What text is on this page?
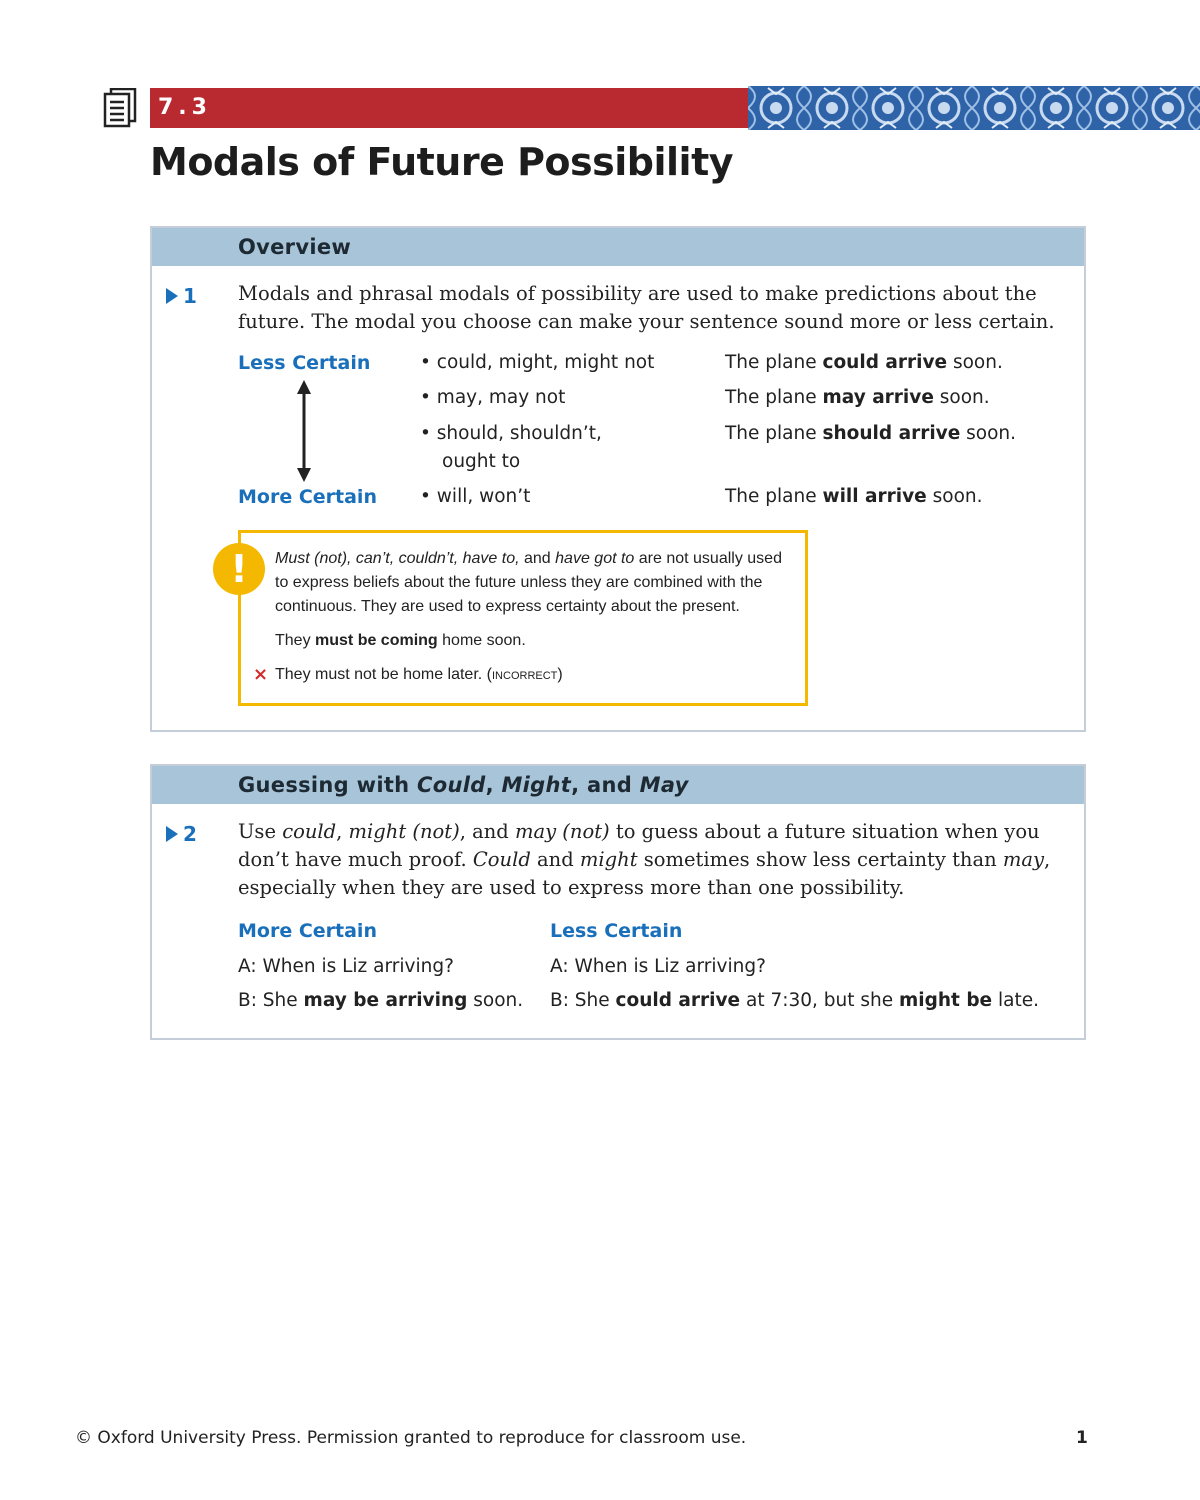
7.3
Modals of Future Possibility
Overview
1 Modals and phrasal modals of possibility are used to make predictions about the future. The modal you choose can make your sentence sound more or less certain.

Less Certain
More Certain
• could, might, might not
• may, may not
• should, shouldn’t,
ought to
• will, won’t
The plane could arrive soon.
The plane may arrive soon.
The plane should arrive soon.
The plane will arrive soon.
!	Must (not), can’t, couldn’t, have to, and have got to are not usually used to express beliefs about the future unless they are combined with the continuous. They are used to express certainty about the present.

They must be coming home soon.

× They must not be home later. (incorrect)

Guessing with Could, Might, and May
2 Use could, might (not), and may (not) to guess about a future situation when you don’t have much proof. Could and might sometimes show less certainty than may, especially when they are used to express more than one possibility.

More Certain
A: When is Liz arriving?
B: She may be arriving soon.
Less Certain
A: When is Liz arriving?
B: She could arrive at 7:30, but she might be late.
© Oxford University Press. Permission granted to reproduce for classroom use.	1
